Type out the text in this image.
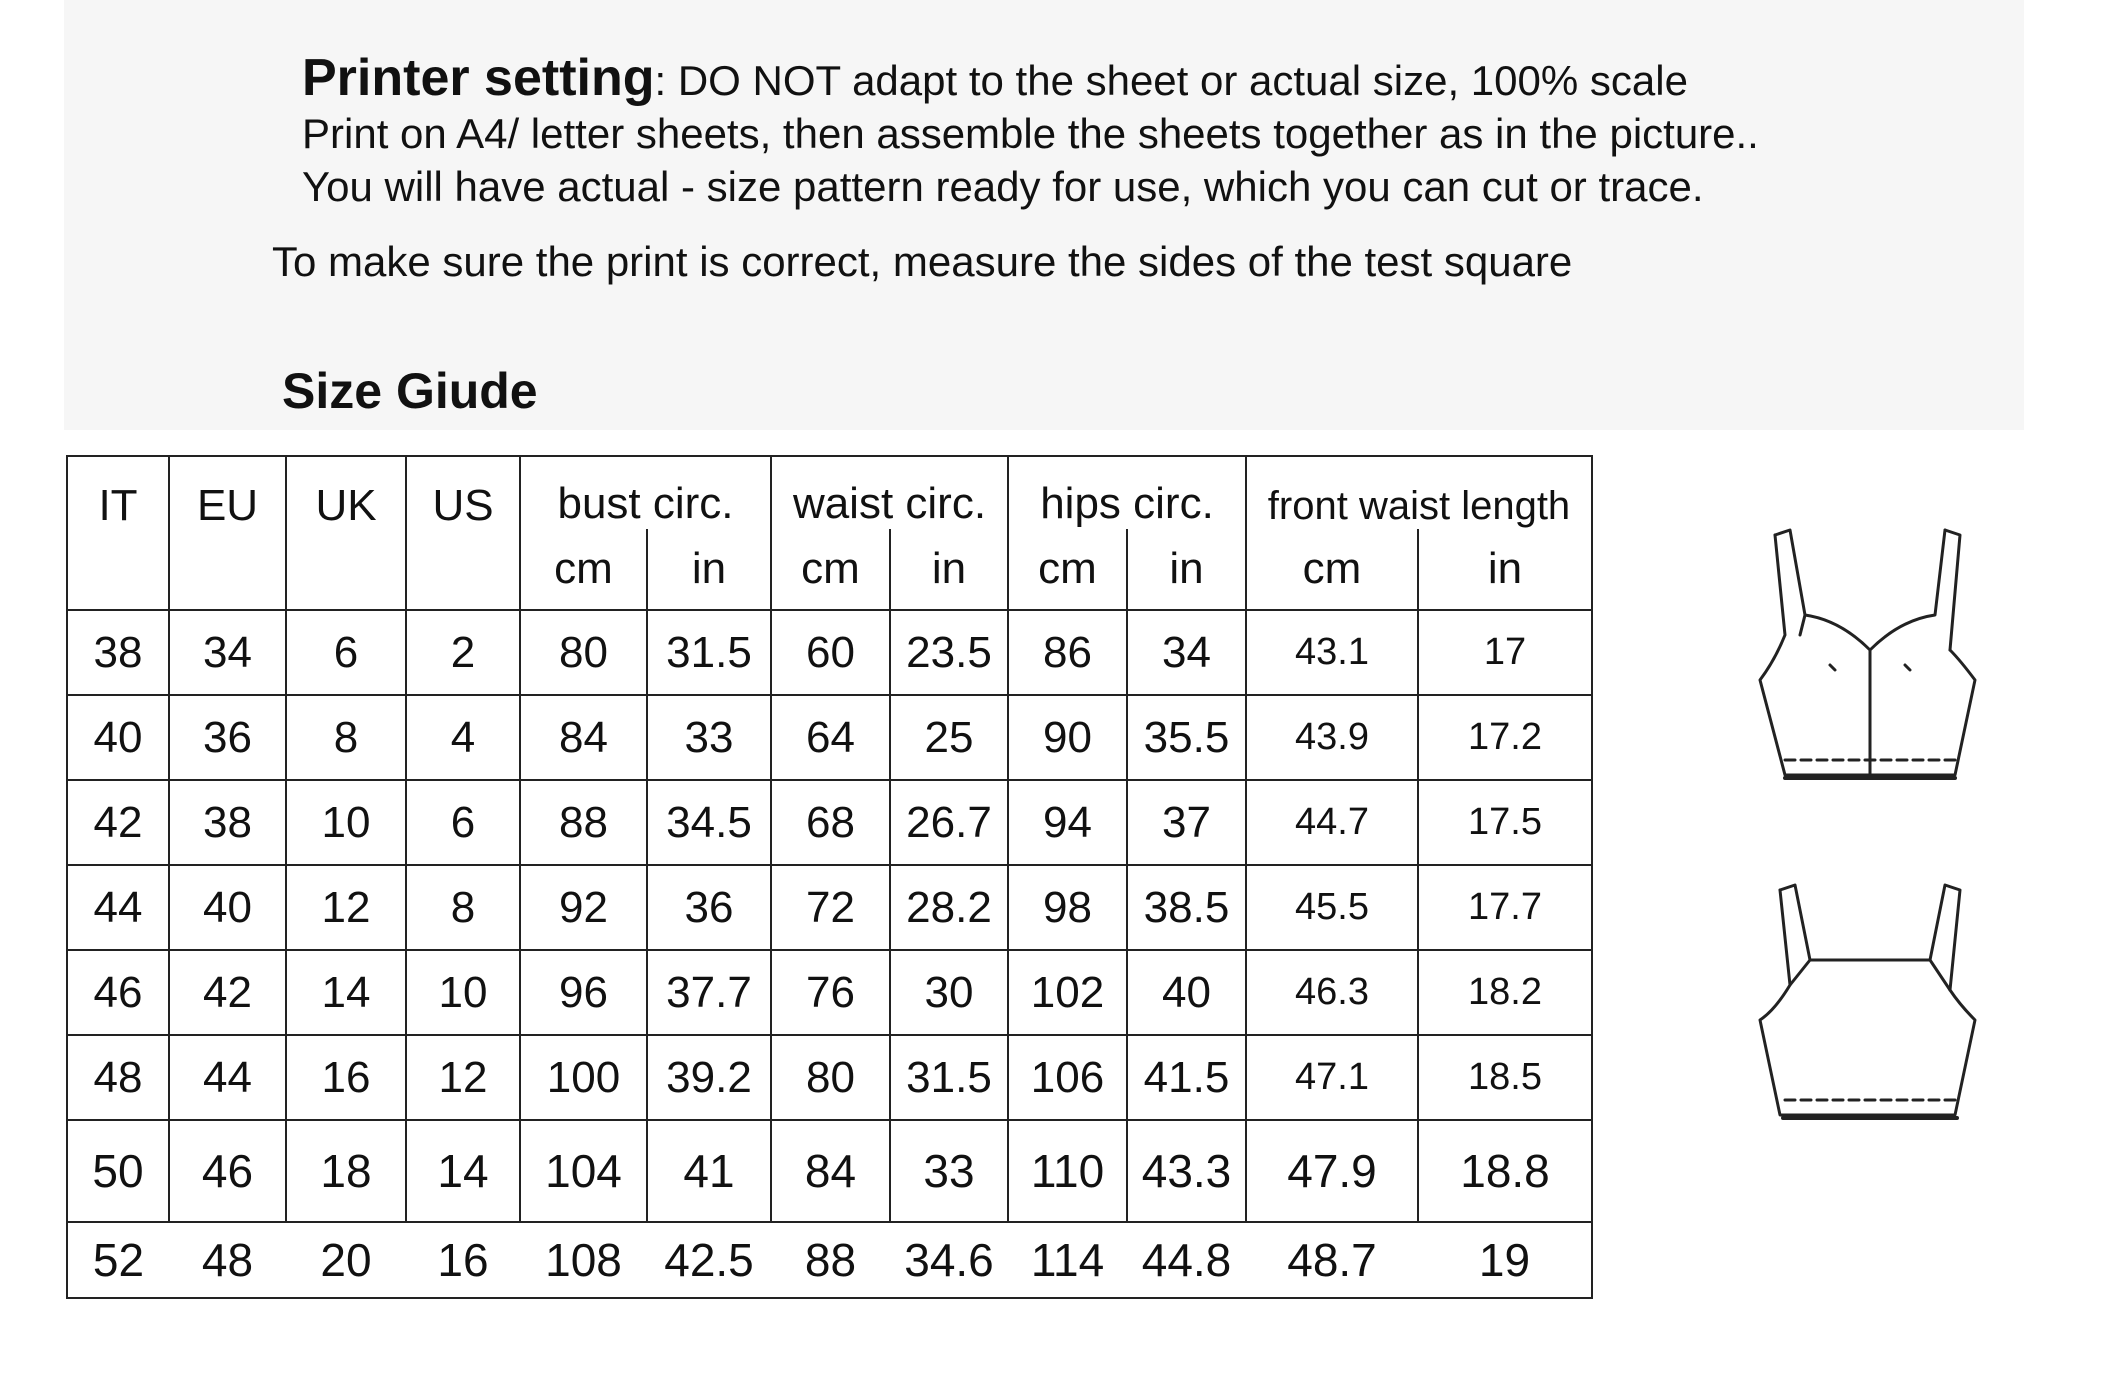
Printer setting: DO NOT adapt to the sheet or actual size, 100% scale
Print on A4/ letter sheets, then assemble the sheets together as in the picture..
You will have actual - size pattern ready for use, which you can cut or trace.
To make sure the print is correct, measure the sides of the test square
Size Giude
IT	EU	UK	US	bust circ.		waist circ.		hips circ.		front waist length	
				cm	in	cm	in	cm	in	cm	in
38	34	6	2	80	31.5	60	23.5	86	34	43.1	17
40	36	8	4	84	33	64	25	90	35.5	43.9	17.2
42	38	10	6	88	34.5	68	26.7	94	37	44.7	17.5
44	40	12	8	92	36	72	28.2	98	38.5	45.5	17.7
46	42	14	10	96	37.7	76	30	102	40	46.3	18.2
48	44	16	12	100	39.2	80	31.5	106	41.5	47.1	18.5
50	46	18	14	104	41	84	33	110	43.3	47.9	18.8
52	48	20	16	108	42.5	88	34.6	114	44.8	48.7	19
